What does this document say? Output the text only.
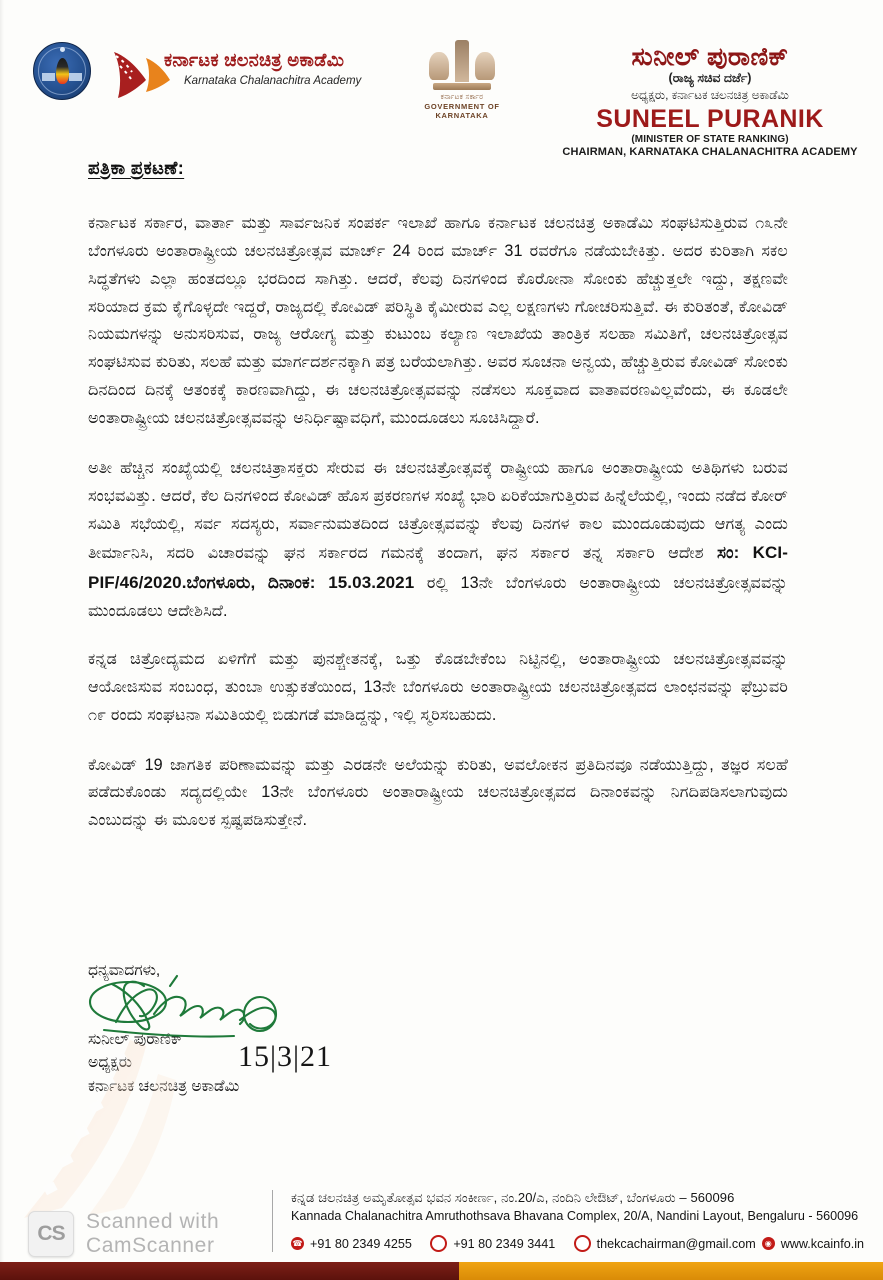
ಕರ್ನಾಟಕ ಚಲನಚಿತ್ರ ಅಕಾಡೆಮಿ
Karnataka Chalanachitra Academy
ಕರ್ನಾಟಕ ಸರ್ಕಾರ
GOVERNMENT OF KARNATAKA
ಸುನೀಲ್ ಪುರಾಣಿಕ್
(ರಾಜ್ಯ ಸಚಿವ ದರ್ಜೆ)
ಅಧ್ಯಕ್ಷರು, ಕರ್ನಾಟಕ ಚಲನಚಿತ್ರ ಅಕಾಡೆಮಿ
SUNEEL PURANIK
(MINISTER OF STATE RANKING)
CHAIRMAN, KARNATAKA CHALANACHITRA ACADEMY
ಪತ್ರಿಕಾ ಪ್ರಕಟಣೆ:

ಕರ್ನಾಟಕ ಸರ್ಕಾರ, ವಾರ್ತಾ ಮತ್ತು ಸಾರ್ವಜನಿಕ ಸಂಪರ್ಕ ಇಲಾಖೆ ಹಾಗೂ ಕರ್ನಾಟಕ ಚಲನಚಿತ್ರ ಅಕಾಡೆಮಿ ಸಂಘಟಿಸುತ್ತಿರುವ ೧೩ನೇ ಬೆಂಗಳೂರು ಅಂತಾರಾಷ್ಟ್ರೀಯ ಚಲನಚಿತ್ರೋತ್ಸವ ಮಾರ್ಚ್ 24 ರಿಂದ ಮಾರ್ಚ್ 31 ರವರೆಗೂ ನಡೆಯಬೇಕಿತ್ತು. ಅದರ ಕುರಿತಾಗಿ ಸಕಲ ಸಿದ್ಧತೆಗಳು ಎಲ್ಲಾ ಹಂತದಲ್ಲೂ ಭರದಿಂದ ಸಾಗಿತ್ತು. ಆದರೆ, ಕೆಲವು ದಿನಗಳಿಂದ ಕೊರೋನಾ ಸೋಂಕು ಹೆಚ್ಚುತ್ತಲೇ ಇದ್ದು, ತಕ್ಷಣವೇ ಸರಿಯಾದ ಕ್ರಮ ಕೈಗೊಳ್ಳದೇ ಇದ್ದರೆ, ರಾಜ್ಯದಲ್ಲಿ ಕೋವಿಡ್ ಪರಿಸ್ಥಿತಿ ಕೈಮೀರುವ ಎಲ್ಲ ಲಕ್ಷಣಗಳು ಗೋಚರಿಸುತ್ತಿವೆ. ಈ ಕುರಿತಂತೆ, ಕೋವಿಡ್ ನಿಯಮಗಳನ್ನು ಅನುಸರಿಸುವ, ರಾಜ್ಯ ಆರೋಗ್ಯ ಮತ್ತು ಕುಟುಂಬ ಕಲ್ಯಾಣ ಇಲಾಖೆಯ ತಾಂತ್ರಿಕ ಸಲಹಾ ಸಮಿತಿಗೆ, ಚಲನಚಿತ್ರೋತ್ಸವ ಸಂಘಟಿಸುವ ಕುರಿತು, ಸಲಹೆ ಮತ್ತು ಮಾರ್ಗದರ್ಶನಕ್ಕಾಗಿ ಪತ್ರ ಬರೆಯಲಾಗಿತ್ತು. ಅವರ ಸೂಚನಾ ಅನ್ವಯ, ಹೆಚ್ಚುತ್ತಿರುವ ಕೋವಿಡ್ ಸೋಂಕು ದಿನದಿಂದ ದಿನಕ್ಕೆ ಆತಂಕಕ್ಕೆ ಕಾರಣವಾಗಿದ್ದು, ಈ ಚಲನಚಿತ್ರೋತ್ಸವವನ್ನು ನಡೆಸಲು ಸೂಕ್ತವಾದ ವಾತಾವರಣವಿಲ್ಲವೆಂದು, ಈ ಕೂಡಲೇ ಅಂತಾರಾಷ್ಟ್ರೀಯ ಚಲನಚಿತ್ರೋತ್ಸವವನ್ನು ಅನಿರ್ಧಿಷ್ಟಾವಧಿಗೆ, ಮುಂದೂಡಲು ಸೂಚಿಸಿದ್ದಾರೆ.

ಅತೀ ಹೆಚ್ಚಿನ ಸಂಖ್ಯೆಯಲ್ಲಿ ಚಲನಚಿತ್ರಾಸಕ್ತರು ಸೇರುವ ಈ ಚಲನಚಿತ್ರೋತ್ಸವಕ್ಕೆ ರಾಷ್ಟ್ರೀಯ ಹಾಗೂ ಅಂತಾರಾಷ್ಟ್ರೀಯ ಅತಿಥಿಗಳು ಬರುವ ಸಂಭವವಿತ್ತು. ಆದರೆ, ಕೆಲ ದಿನಗಳಿಂದ ಕೋವಿಡ್ ಹೊಸ ಪ್ರಕರಣಗಳ ಸಂಖ್ಯೆ ಭಾರಿ ಏರಿಕೆಯಾಗುತ್ತಿರುವ ಹಿನ್ನೆಲೆಯಲ್ಲಿ, ಇಂದು ನಡೆದ ಕೋರ್ ಸಮಿತಿ ಸಭೆಯಲ್ಲಿ, ಸರ್ವ ಸದಸ್ಯರು, ಸರ್ವಾನುಮತದಿಂದ ಚಿತ್ರೋತ್ಸವವನ್ನು ಕೆಲವು ದಿನಗಳ ಕಾಲ ಮುಂದೂಡುವುದು ಆಗತ್ಯ ಎಂದು ತೀರ್ಮಾನಿಸಿ, ಸದರಿ ವಿಚಾರವನ್ನು ಘನ ಸರ್ಕಾರದ ಗಮನಕ್ಕೆ ತಂದಾಗ, ಘನ ಸರ್ಕಾರ ತನ್ನ ಸರ್ಕಾರಿ ಆದೇಶ ಸಂ: KCI-PIF/46/2020.ಬೆಂಗಳೂರು, ದಿನಾಂಕ: 15.03.2021 ರಲ್ಲಿ 13ನೇ ಬೆಂಗಳೂರು ಅಂತಾರಾಷ್ಟ್ರೀಯ ಚಲನಚಿತ್ರೋತ್ಸವವನ್ನು ಮುಂದೂಡಲು ಆದೇಶಿಸಿದೆ.

ಕನ್ನಡ ಚಿತ್ರೋದ್ಯಮದ ಏಳಿಗೆಗೆ ಮತ್ತು ಪುನಶ್ಚೇತನಕ್ಕೆ, ಒತ್ತು ಕೊಡಬೇಕೆಂಬ ನಿಟ್ಟಿನಲ್ಲಿ, ಅಂತಾರಾಷ್ಟ್ರೀಯ ಚಲನಚಿತ್ರೋತ್ಸವವನ್ನು ಆಯೋಜಿಸುವ ಸಂಬಂಧ, ತುಂಬಾ ಉತ್ಸುಕತೆಯಿಂದ, 13ನೇ ಬೆಂಗಳೂರು ಅಂತಾರಾಷ್ಟ್ರೀಯ ಚಲನಚಿತ್ರೋತ್ಸವದ ಲಾಂಛನವನ್ನು ಫೆಬ್ರುವರಿ ೧೯ ರಂದು ಸಂಘಟನಾ ಸಮಿತಿಯಲ್ಲಿ ಬಿಡುಗಡೆ ಮಾಡಿದ್ದನ್ನು, ಇಲ್ಲಿ ಸ್ಮರಿಸಬಹುದು.

ಕೋವಿಡ್ 19 ಜಾಗತಿಕ ಪರಿಣಾಮವನ್ನು ಮತ್ತು ಎರಡನೇ ಅಲೆಯನ್ನು ಕುರಿತು, ಅವಲೋಕನ ಪ್ರತಿದಿನವೂ ನಡೆಯುತ್ತಿದ್ದು, ತಜ್ಞರ ಸಲಹೆ ಪಡೆದುಕೊಂಡು ಸದ್ಯದಲ್ಲಿಯೇ 13ನೇ ಬೆಂಗಳೂರು ಅಂತಾರಾಷ್ಟ್ರೀಯ ಚಲನಚಿತ್ರೋತ್ಸವದ ದಿನಾಂಕವನ್ನು ನಿಗದಿಪಡಿಸಲಾಗುವುದು ಎಂಬುದನ್ನು ಈ ಮೂಲಕ ಸ್ಪಷ್ಟಪಡಿಸುತ್ತೇನೆ.

ಧನ್ಯವಾದಗಳು,
15|3|21
ಸುನೀಲ್ ಪುರಾಣಿಕ್
ಅಧ್ಯಕ್ಷರು
ಕರ್ನಾಟಕ ಚಲನಚಿತ್ರ ಅಕಾಡೆಮಿ
CS
Scanned with
CamScanner
ಕನ್ನಡ ಚಲನಚಿತ್ರ ಅಮೃತೋತ್ಸವ ಭವನ ಸಂಕೀರ್ಣ, ನಂ.20/ಎ, ನಂದಿನಿ ಲೇಔಟ್, ಬೆಂಗಳೂರು – 560096
Kannada Chalanachitra Amruthothsava Bhavana Complex, 20/A, Nandini Layout, Bengaluru - 560096
☎ +91 80 2349 4255	+91 80 2349 3441	thekcachairman@gmail.com	◉ www.kcainfo.in
